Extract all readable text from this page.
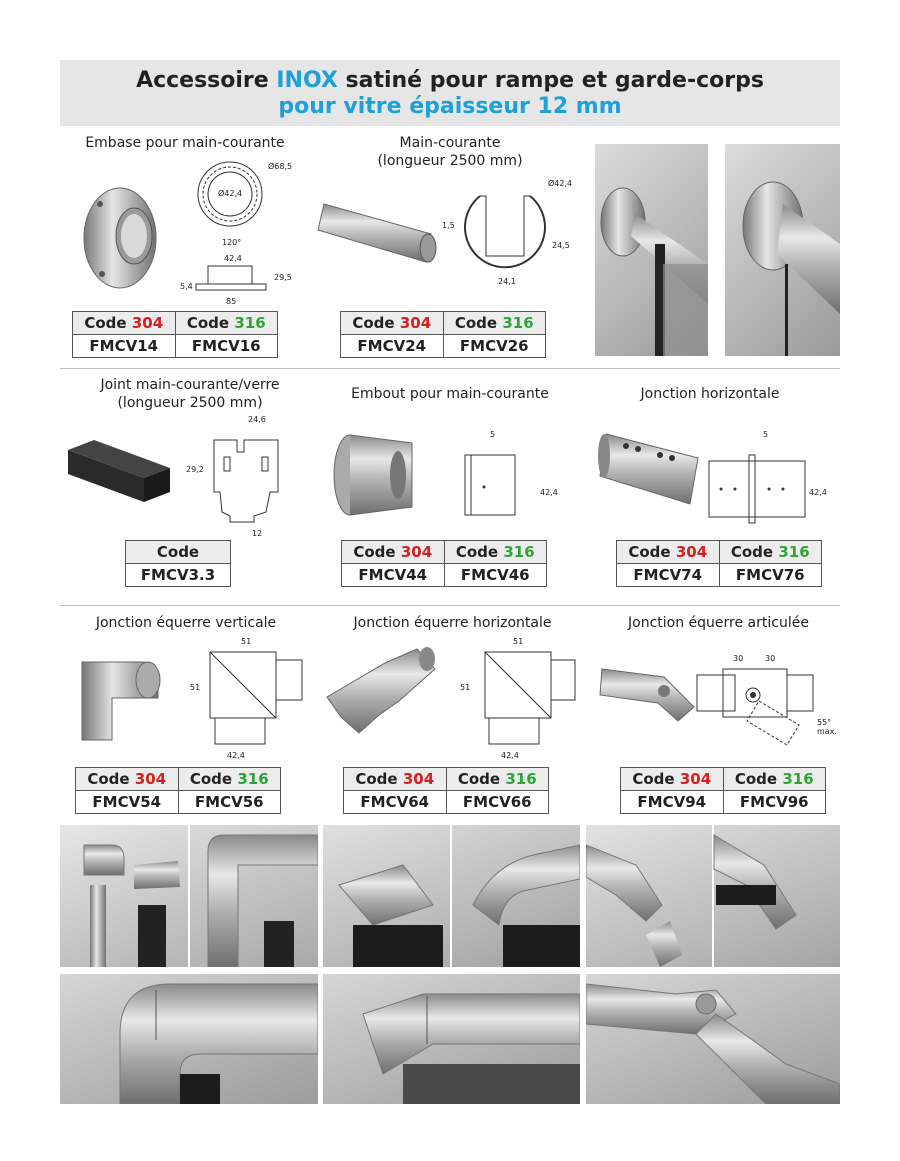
Accessoire INOX satiné pour rampe et garde-corps
pour vitre épaisseur 12 mm
Embase pour main-courante
Ø68,5
Ø42,4
120°
42,4
29,5
5,4
85
Code 304	Code 316
FMCV14	FMCV16
Main-courante
(longueur 2500 mm)
Ø42,4
1,5
24,5
24,1
Code 304	Code 316
FMCV24	FMCV26
Joint main-courante/verre
(longueur 2500 mm)
24,6
29,2
12
Code
FMCV3.3
Embout pour main-courante
5
42,4
Code 304	Code 316
FMCV44	FMCV46
Jonction horizontale
5
42,4
Code 304	Code 316
FMCV74	FMCV76
Jonction équerre verticale
51
51
42,4
Code 304	Code 316
FMCV54	FMCV56
Jonction équerre horizontale
51
51
42,4
Code 304	Code 316
FMCV64	FMCV66
Jonction équerre articulée
30	30
55°
max.
Code 304	Code 316
FMCV94	FMCV96
